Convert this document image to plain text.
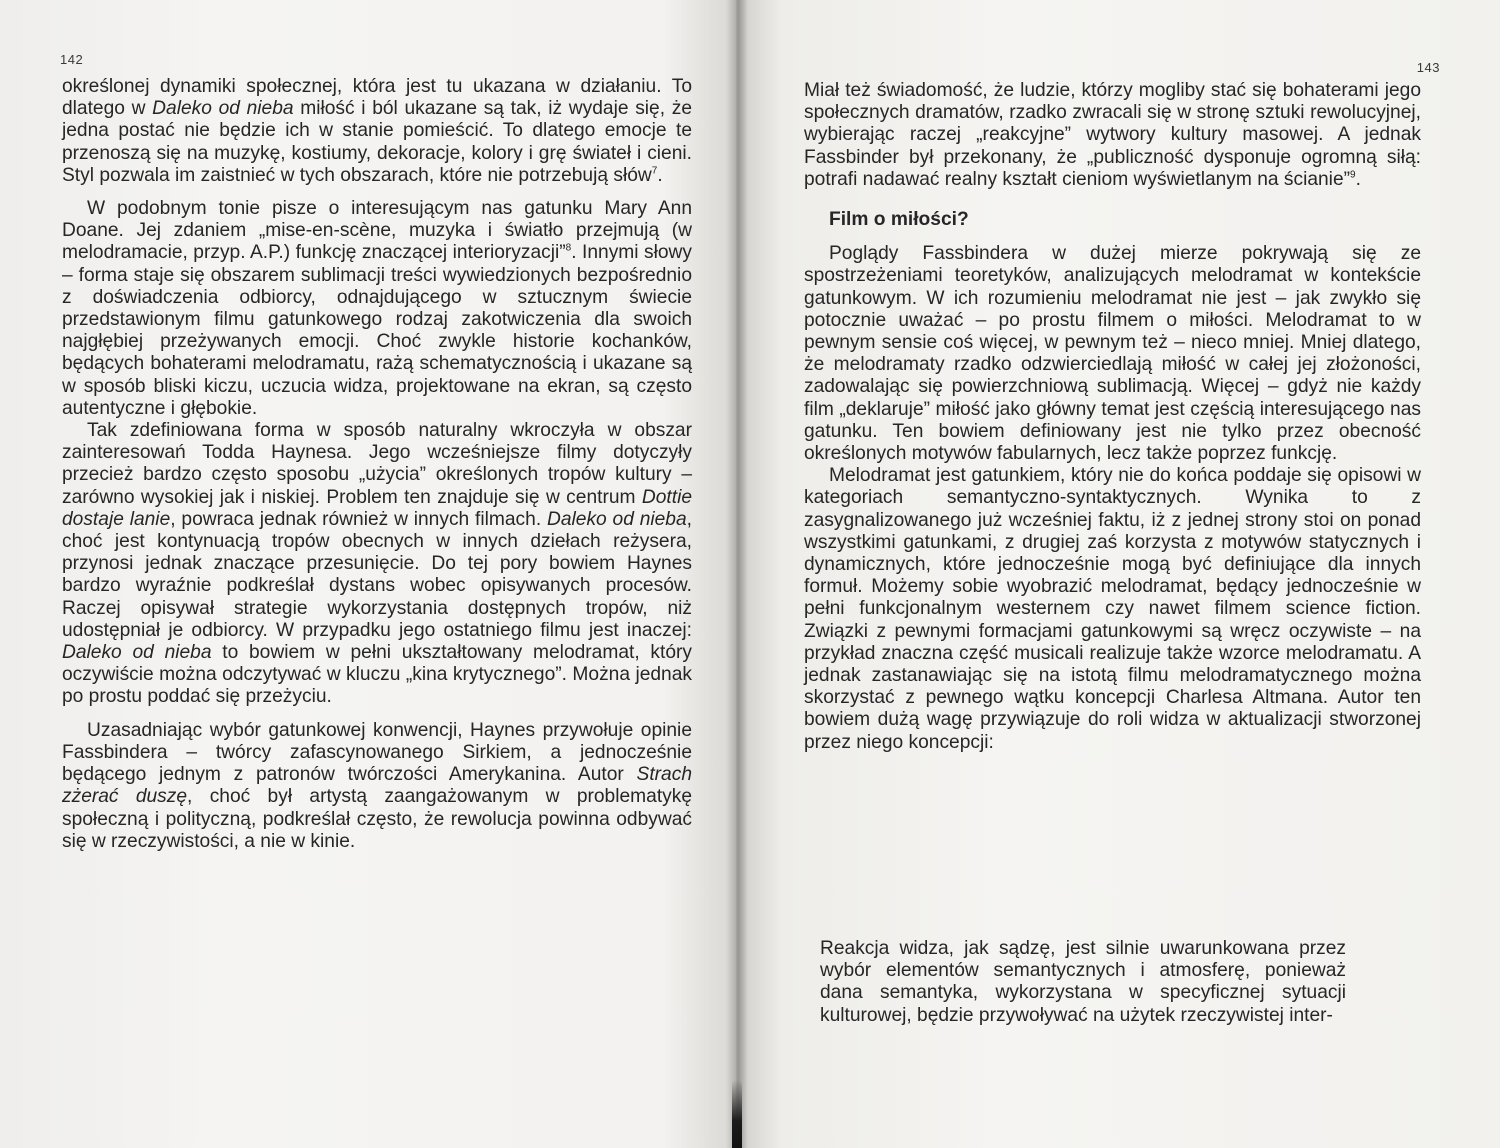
142

określonej dynamiki społecznej, która jest tu ukazana w działaniu. To dlatego w Daleko od nieba miłość i ból ukazane są tak, iż wydaje się, że jedna postać nie będzie ich w stanie pomieścić. To dlatego emocje te przenoszą się na muzykę, kostiumy, dekoracje, kolory i grę świateł i cieni. Styl pozwala im zaistnieć w tych obszarach, które nie potrzebują słów$^7$.

W podobnym tonie pisze o interesującym nas gatunku Mary Ann Doane. Jej zdaniem „mise-en-scène, muzyka i światło przejmują (w melodramacie, przyp. A.P.) funkcję znaczącej interioryzacji”$^8$. Innymi słowy – forma staje się obszarem sublimacji treści wywiedzionych bezpośrednio z doświadczenia odbiorcy, odnajdującego w sztucznym świecie przedstawionym filmu gatunkowego rodzaj zakotwiczenia dla swoich najgłębiej przeżywanych emocji. Choć zwykle historie kochanków, będących bohaterami melodramatu, rażą schematycznością i ukazane są w sposób bliski kiczu, uczucia widza, projektowane na ekran, są często autentyczne i głębokie.

Tak zdefiniowana forma w sposób naturalny wkroczyła w obszar zainteresowań Todda Haynesa. Jego wcześniejsze filmy dotyczyły przecież bardzo często sposobu „użycia” określonych tropów kultury – zarówno wysokiej jak i niskiej. Problem ten znajduje się w centrum Dottie dostaje lanie, powraca jednak również w innych filmach. Daleko od nieba, choć jest kontynuacją tropów obecnych w innych dziełach reżysera, przynosi jednak znaczące przesunięcie. Do tej pory bowiem Haynes bardzo wyraźnie podkreślał dystans wobec opisywanych procesów. Raczej opisywał strategie wykorzystania dostępnych tropów, niż udostępniał je odbiorcy. W przypadku jego ostatniego filmu jest inaczej: Daleko od nieba to bowiem w pełni ukształtowany melodramat, który oczywiście można odczytywać w kluczu „kina krytycznego”. Można jednak po prostu poddać się przeżyciu.

Uzasadniając wybór gatunkowej konwencji, Haynes przywołuje opinie Fassbindera – twórcy zafascynowanego Sirkiem, a jednocześnie będącego jednym z patronów twórczości Amerykanina. Autor Strach zżerać duszę, choć był artystą zaangażowanym w problematykę społeczną i polityczną, podkreślał często, że rewolucja powinna odbywać się w rzeczywistości, a nie w kinie.

143

Miał też świadomość, że ludzie, którzy mogliby stać się bohaterami jego społecznych dramatów, rzadko zwracali się w stronę sztuki rewolucyjnej, wybierając raczej „reakcyjne” wytwory kultury masowej. A jednak Fassbinder był przekonany, że „publiczność dysponuje ogromną siłą: potrafi nadawać realny kształt cieniom wyświetlanym na ścianie”$^9$.

Film o miłości?

Poglądy Fassbindera w dużej mierze pokrywają się ze spostrzeżeniami teoretyków, analizujących melodramat w kontekście gatunkowym. W ich rozumieniu melodramat nie jest – jak zwykło się potocznie uważać – po prostu filmem o miłości. Melodramat to w pewnym sensie coś więcej, w pewnym też – nieco mniej. Mniej dlatego, że melodramaty rzadko odzwierciedlają miłość w całej jej złożoności, zadowalając się powierzchniową sublimacją. Więcej – gdyż nie każdy film „deklaruje” miłość jako główny temat jest częścią interesującego nas gatunku. Ten bowiem definiowany jest nie tylko przez obecność określonych motywów fabularnych, lecz także poprzez funkcję.

Melodramat jest gatunkiem, który nie do końca poddaje się opisowi w kategoriach semantyczno-syntaktycznych. Wynika to z zasygnalizowanego już wcześniej faktu, iż z jednej strony stoi on ponad wszystkimi gatunkami, z drugiej zaś korzysta z motywów statycznych i dynamicznych, które jednocześnie mogą być definiujące dla innych formuł. Możemy sobie wyobrazić melodramat, będący jednocześnie w pełni funkcjonalnym westernem czy nawet filmem science fiction. Związki z pewnymi formacjami gatunkowymi są wręcz oczywiste – na przykład znaczna część musicali realizuje także wzorce melodramatu. A jednak zastanawiając się na istotą filmu melodramatycznego można skorzystać z pewnego wątku koncepcji Charlesa Altmana. Autor ten bowiem dużą wagę przywiązuje do roli widza w aktualizacji stworzonej przez niego koncepcji:

Reakcja widza, jak sądzę, jest silnie uwarunkowana przez wybór elementów semantycznych i atmosferę, ponieważ dana semantyka, wykorzystana w specyficznej sytuacji kulturowej, będzie przywoływać na użytek rzeczywistej inter-
